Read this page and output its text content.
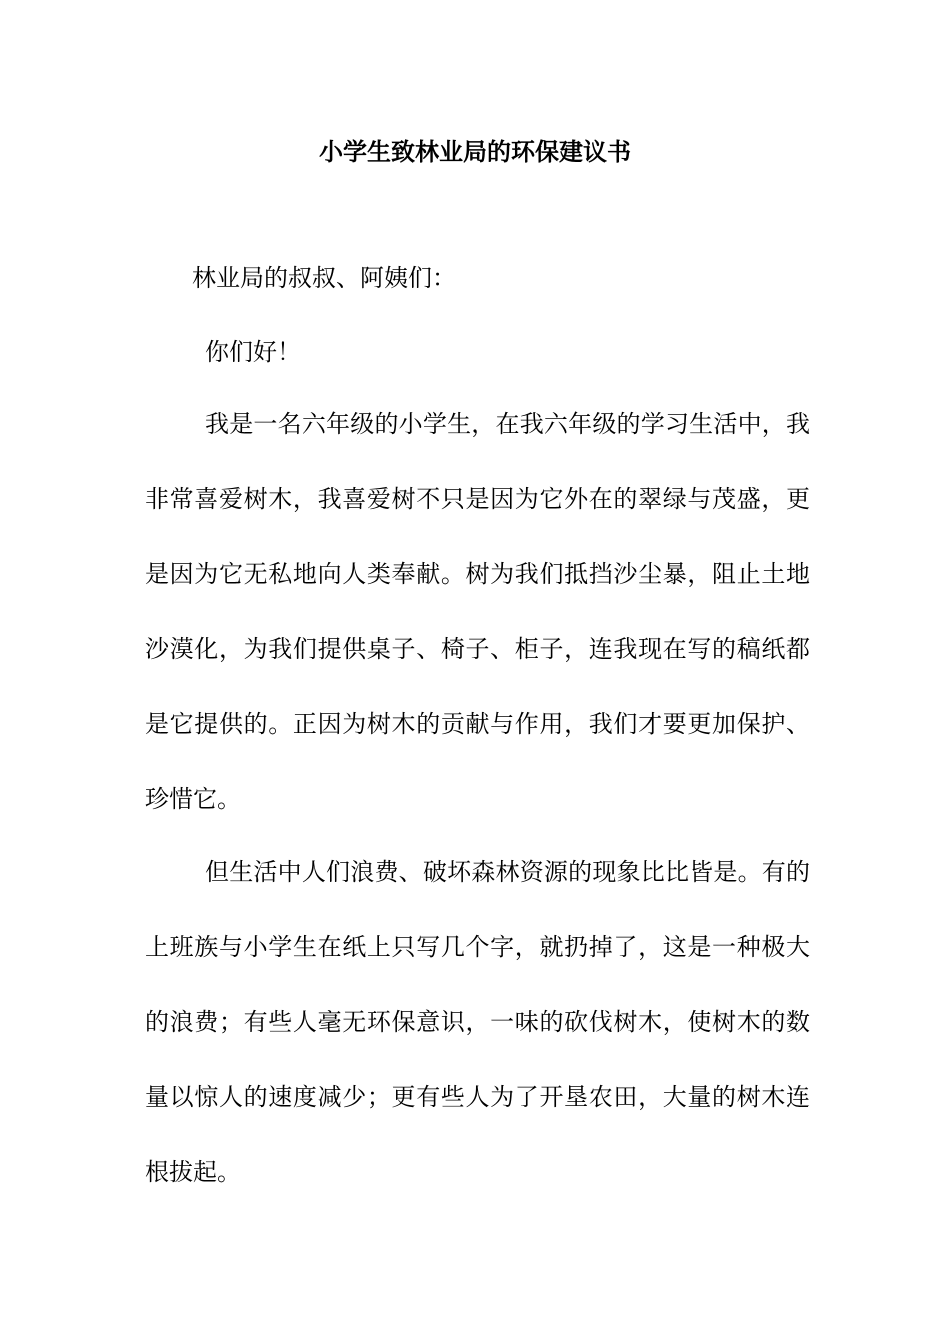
小学生致林业局的环保建议书
林业局的叔叔、阿姨们：
你们好！

我是一名六年级的小学生，在我六年级的学习生活中，我非常喜爱树木，我喜爱树不只是因为它外在的翠绿与茂盛，更是因为它无私地向人类奉献。树为我们抵挡沙尘暴，阻止土地沙漠化，为我们提供桌子、椅子、柜子，连我现在写的稿纸都是它提供的。正因为树木的贡献与作用，我们才要更加保护、珍惜它。

但生活中人们浪费、破坏森林资源的现象比比皆是。有的上班族与小学生在纸上只写几个字，就扔掉了，这是一种极大的浪费；有些人毫无环保意识，一味的砍伐树木，使树木的数量以惊人的速度减少；更有些人为了开垦农田，大量的树木连根拔起。
